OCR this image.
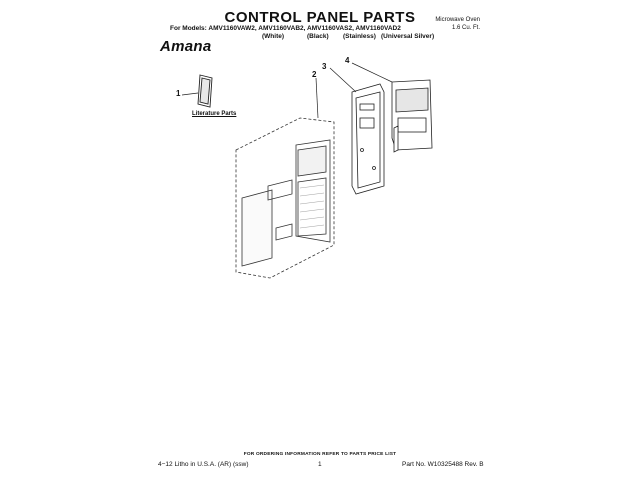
CONTROL PANEL PARTS
For Models: AMV1160VAW2, AMV1160VAB2, AMV1160VAS2, AMV1160VAD2
(White)	(Black) (Stainless) (Universal Silver)
Microwave Oven
1.6 Cu. Ft.
Amana
1
2
3
4
Literature Parts
FOR ORDERING INFORMATION REFER TO PARTS PRICE LIST
4−12 Litho in U.S.A. (AR) (ssw)	1	Part No. W10325488 Rev. B
